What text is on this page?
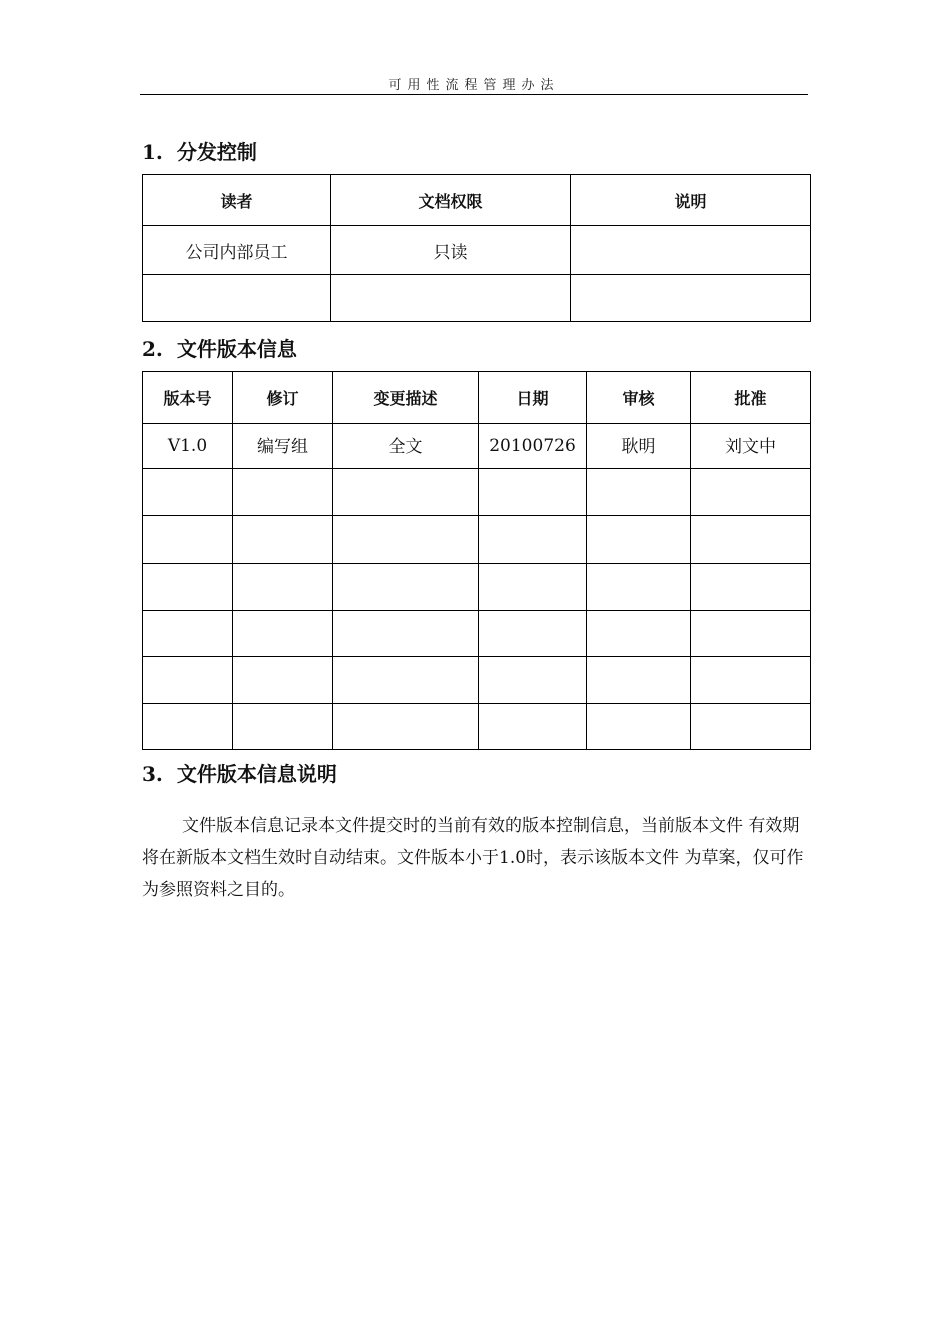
可用性流程管理办法
1. 分发控制
读者	文档权限	说明
公司内部员工	只读	

2. 文件版本信息
版本号	修订	变更描述	日期	审核	批准
V1.0	编写组	全文	20100726	耿明	刘文中

3. 文件版本信息说明

文件版本信息记录本文件提交时的当前有效的版本控制信息，当前版本文件 有效期将在新版本文档生效时自动结束。文件版本小于1.0时，表示该版本文件 为草案，仅可作为参照资料之目的。
